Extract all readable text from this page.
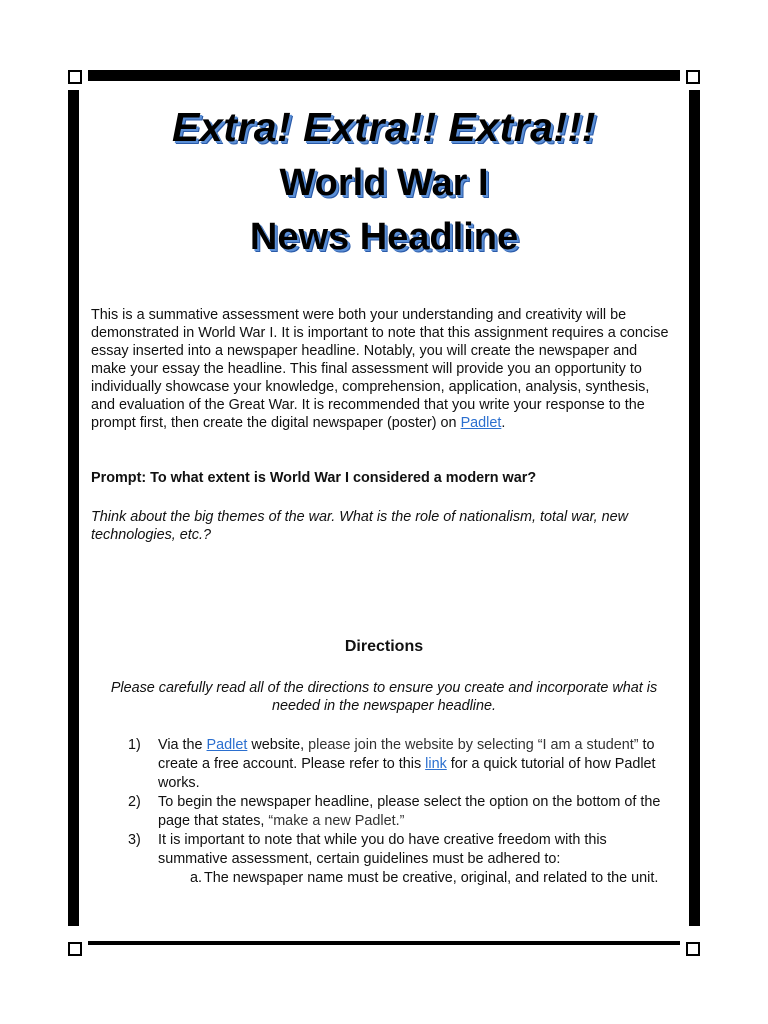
Extra! Extra!! Extra!!!
World War I
News Headline
This is a summative assessment were both your understanding and creativity will be demonstrated in World War I. It is important to note that this assignment requires a concise essay inserted into a newspaper headline. Notably, you will create the newspaper and make your essay the headline. This final assessment will provide you an opportunity to individually showcase your knowledge, comprehension, application, analysis, synthesis, and evaluation of the Great War. It is recommended that you write your response to the prompt first, then create the digital newspaper (poster) on Padlet.
Prompt: To what extent is World War I considered a modern war?
Think about the big themes of the war. What is the role of nationalism, total war, new technologies, etc.?
Directions
Please carefully read all of the directions to ensure you create and incorporate what is needed in the newspaper headline.
1) Via the Padlet website, please join the website by selecting “I am a student” to create a free account. Please refer to this link for a quick tutorial of how Padlet works.
2) To begin the newspaper headline, please select the option on the bottom of the page that states, “make a new Padlet.”
3) It is important to note that while you do have creative freedom with this summative assessment, certain guidelines must be adhered to:
a. The newspaper name must be creative, original, and related to the unit.
